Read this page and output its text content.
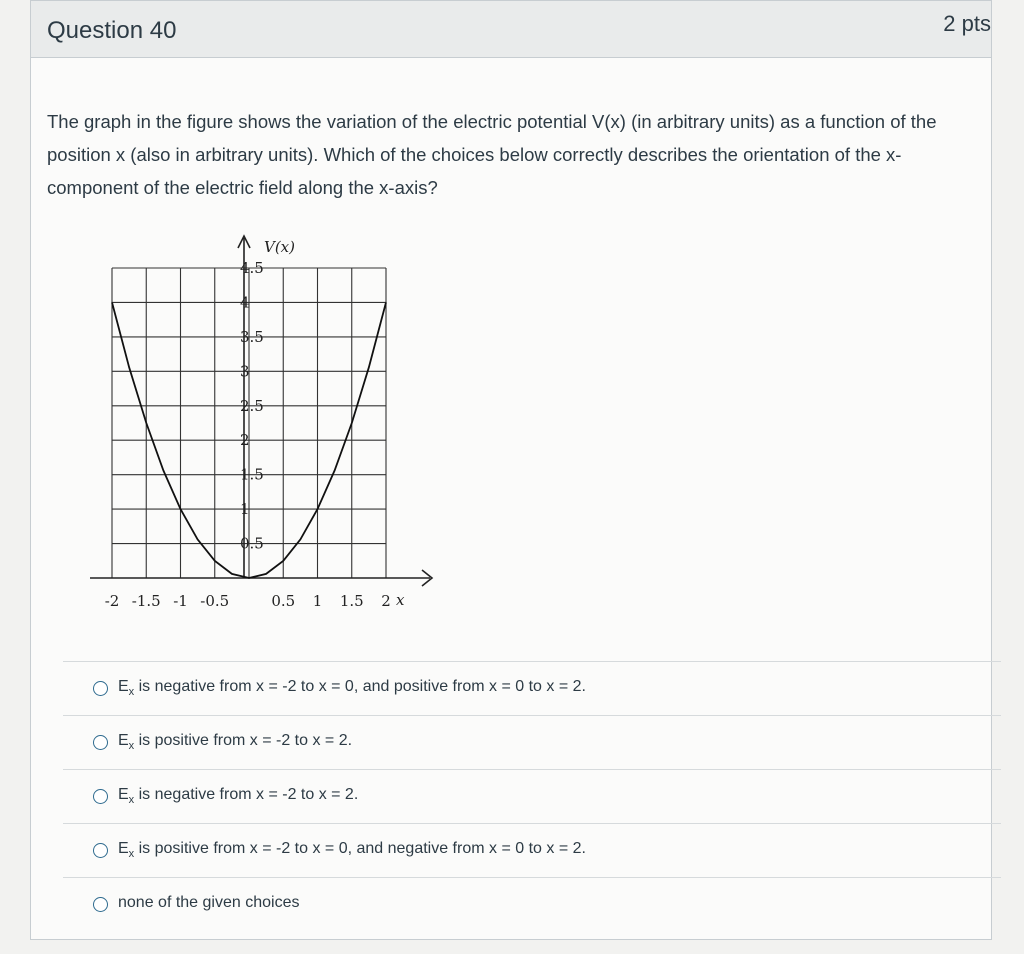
Question 40	2 pts
The graph in the figure shows the variation of the electric potential V(x) (in arbitrary units) as a function of the position x (also in arbitrary units). Which of the choices below correctly describes the orientation of the x-component of the electric field along the x-axis?
V(x)
x
4.5
4
3.5
3
2.5
2
1.5
1
0.5
-2 -1.5 -1 -0.5	0.5 1 1.5 2
$E_x$ is negative from x = -2 to x = 0, and positive from x = 0 to x = 2.
$E_x$ is positive from x = -2 to x = 2.
$E_x$ is negative from x = -2 to x = 2.
$E_x$ is positive from x = -2 to x = 0, and negative from x = 0 to x = 2.
none of the given choices
